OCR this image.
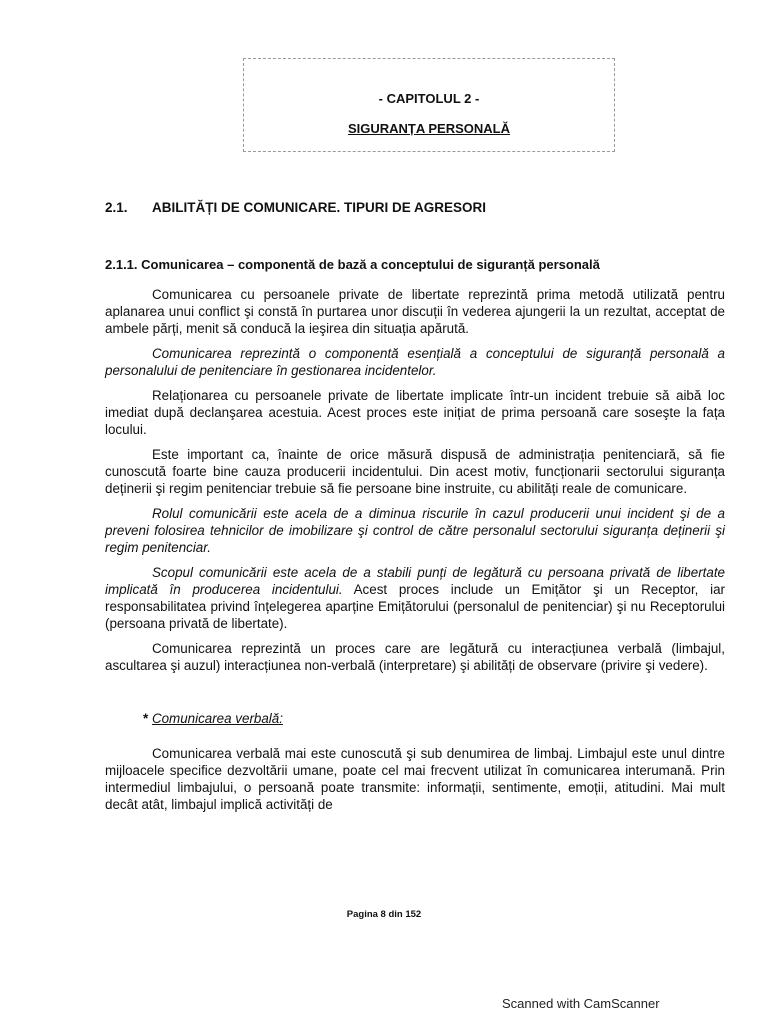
- CAPITOLUL 2 -
SIGURANȚA PERSONALĂ
2.1. ABILITĂȚI DE COMUNICARE. TIPURI DE AGRESORI
2.1.1. Comunicarea – componentă de bază a conceptului de siguranță personală

Comunicarea cu persoanele private de libertate reprezintă prima metodă utilizată pentru aplanarea unui conflict şi constă în purtarea unor discuții în vederea ajungerii la un rezultat, acceptat de ambele părți, menit să conducă la ieşirea din situația apărută.

Comunicarea reprezintă o componentă esențială a conceptului de siguranță personală a personalului de penitenciare în gestionarea incidentelor.

Relaționarea cu persoanele private de libertate implicate într-un incident trebuie să aibă loc imediat după declanşarea acestuia. Acest proces este inițiat de prima persoană care soseşte la fața locului.

Este important ca, înainte de orice măsură dispusă de administrația penitenciară, să fie cunoscută foarte bine cauza producerii incidentului. Din acest motiv, funcționarii sectorului siguranța deținerii şi regim penitenciar trebuie să fie persoane bine instruite, cu abilități reale de comunicare.

Rolul comunicării este acela de a diminua riscurile în cazul producerii unui incident şi de a preveni folosirea tehnicilor de imobilizare şi control de către personalul sectorului siguranța deținerii şi regim penitenciar.

Scopul comunicării este acela de a stabili punți de legătură cu persoana privată de libertate implicată în producerea incidentului. Acest proces include un Emițător şi un Receptor, iar responsabilitatea privind înțelegerea aparține Emițătorului (personalul de penitenciar) şi nu Receptorului (persoana privată de libertate).

Comunicarea reprezintă un proces care are legătură cu interacțiunea verbală (limbajul, ascultarea şi auzul) interacțiunea non-verbală (interpretare) şi abilități de observare (privire şi vedere).

* Comunicarea verbală:

Comunicarea verbală mai este cunoscută şi sub denumirea de limbaj. Limbajul este unul dintre mijloacele specifice dezvoltării umane, poate cel mai frecvent utilizat în comunicarea interumană. Prin intermediul limbajului, o persoană poate transmite: informații, sentimente, emoții, atitudini. Mai mult decât atât, limbajul implică activități de

Pagina 8 din 152
Scanned with CamScanner
